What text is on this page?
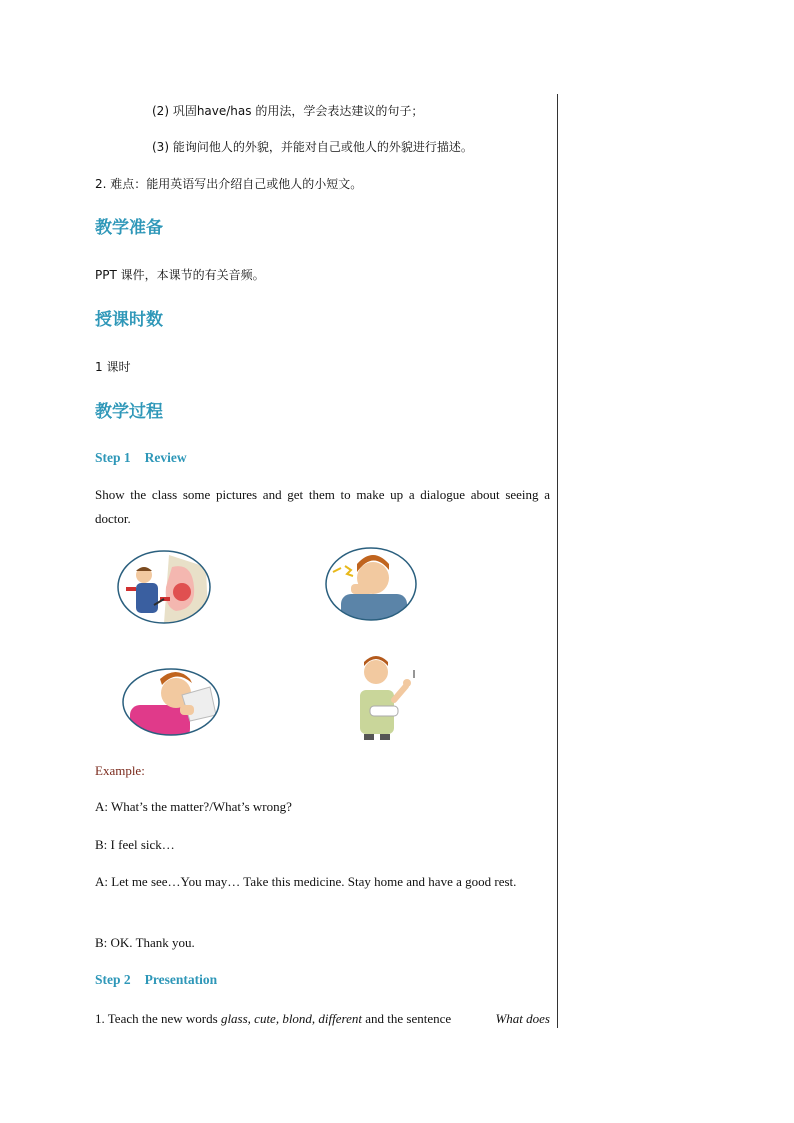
(2) 巩固have/has 的用法，学会表达建议的句子；
(3) 能询问他人的外貌，并能对自己或他人的外貌进行描述。
2. 难点：能用英语写出介绍自己或他人的小短文。
教学准备
PPT 课件，本课节的有关音频。
授课时数
1 课时
教学过程
Step 1 Review
Show the class some pictures and get them to make up a dialogue about seeing a doctor.
Example:
A: What’s the matter?/What’s wrong?
B: I feel sick…
A: Let me see…You may… Take this medicine. Stay home and have a good rest.
B: OK. Thank you.
Step 2 Presentation
1. Teach the new words glass, cute, blond, different and the sentence	What does
